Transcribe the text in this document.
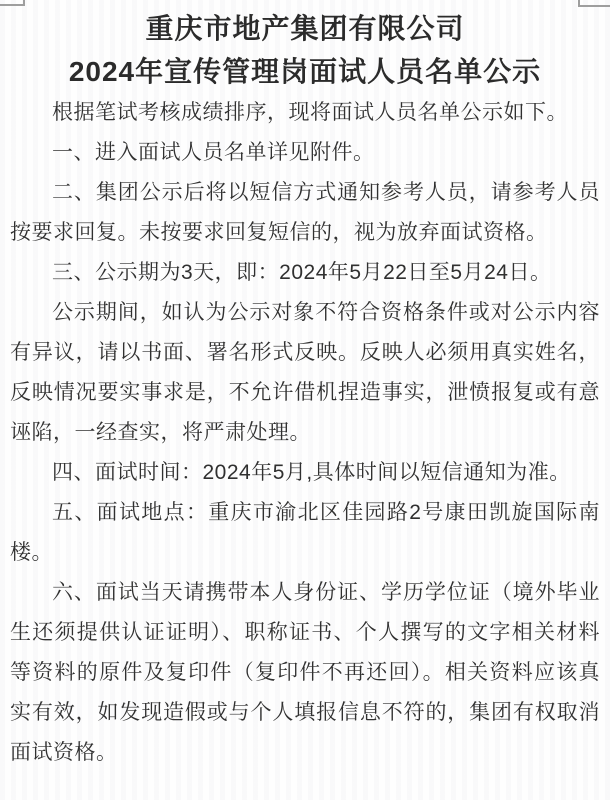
重庆市地产集团有限公司
2024年宣传管理岗面试人员名单公示

根据笔试考核成绩排序，现将面试人员名单公示如下。

一、进入面试人员名单详见附件。

二、集团公示后将以短信方式通知参考人员，请参考人员按要求回复。未按要求回复短信的，视为放弃面试资格。

三、公示期为3天，即：2024年5月22日至5月24日。

公示期间，如认为公示对象不符合资格条件或对公示内容有异议，请以书面、署名形式反映。反映人必须用真实姓名，反映情况要实事求是，不允许借机捏造事实，泄愤报复或有意诬陷，一经查实，将严肃处理。

四、面试时间：2024年5月,具体时间以短信通知为准。

五、面试地点：重庆市渝北区佳园路2号康田凯旋国际南楼。

六、面试当天请携带本人身份证、学历学位证（境外毕业生还须提供认证证明）、职称证书、个人撰写的文字相关材料等资料的原件及复印件（复印件不再还回）。相关资料应该真实有效，如发现造假或与个人填报信息不符的，集团有权取消面试资格。
